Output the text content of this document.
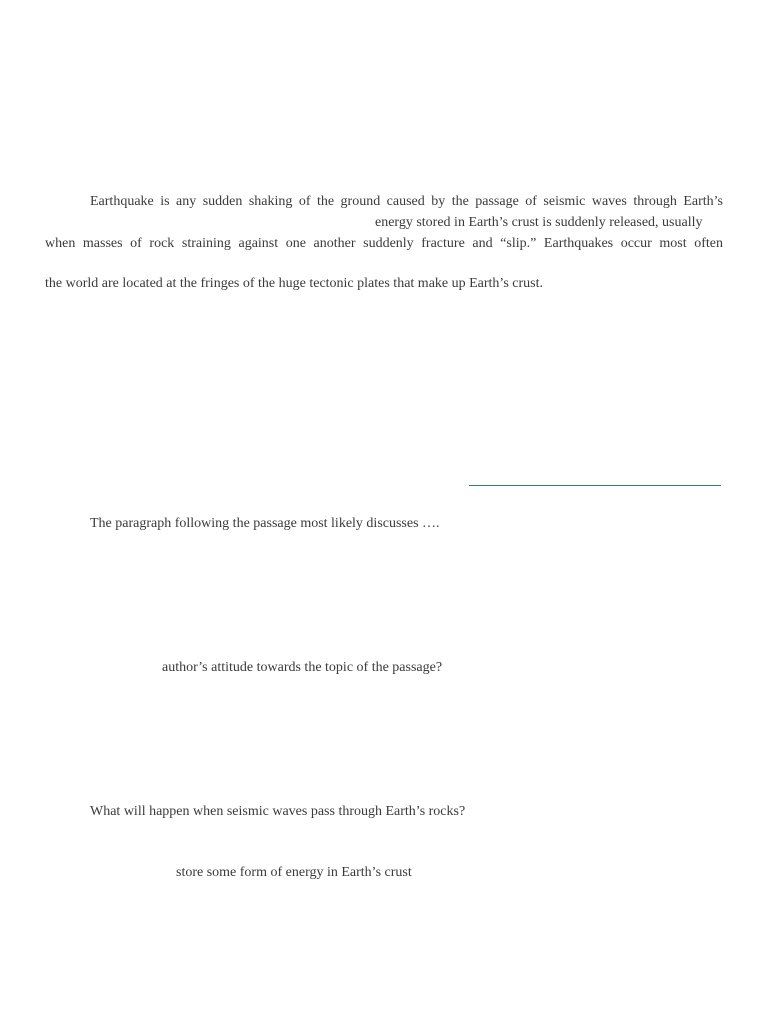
Earthquake is any sudden shaking of the ground caused by the passage of seismic waves through Earth’s
energy stored in Earth’s crust is suddenly released, usually
when masses of rock straining against one another suddenly fracture and “slip.” Earthquakes occur most often
the world are located at the fringes of the huge tectonic plates that make up Earth’s crust.
The paragraph following the passage most likely discusses ….
author’s attitude towards the topic of the passage?
What will happen when seismic waves pass through Earth’s rocks?
store some form of energy in Earth’s crust
